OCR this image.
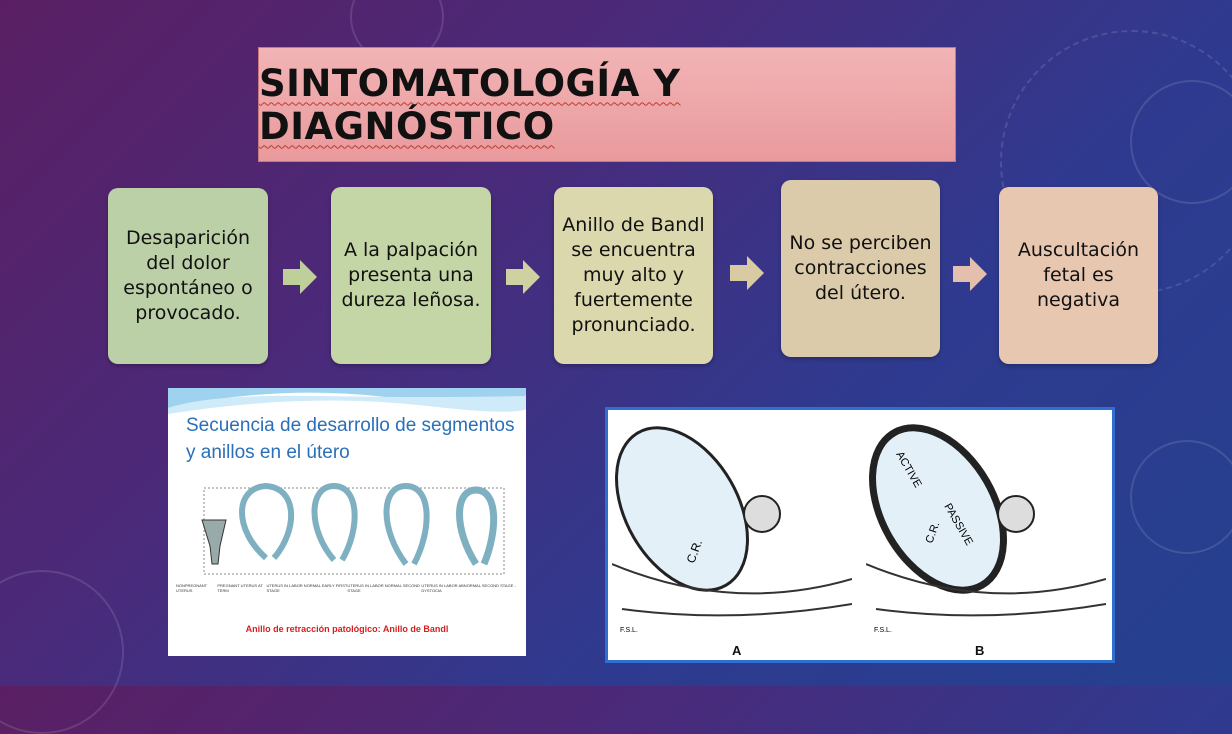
SINTOMATOLOGÍA Y DIAGNÓSTICO
Desaparición del dolor espontáneo o provocado.
A la palpación presenta una dureza leñosa.
Anillo de Bandl se encuentra muy alto y fuertemente pronunciado.
No se perciben contracciones del útero.
Auscultación fetal es negativa
Secuencia de desarrollo de segmentos y anillos en el útero
NONPREGNANT UTERUS
PREGNANT UTERUS AT TERM
UTERUS IN LABOR NORMAL EARLY FIRST STAGE
UTERUS IN LABOR NORMAL SECOND STAGE
UTERUS IN LABOR ABNORMAL SECOND STAGE - DYSTOCIA
Anillo de retracción patológico: Anillo de Bandl
C.R.
F.S.L.
ACTIVE
PASSIVE
C.R.
F.S.L.
A	B
